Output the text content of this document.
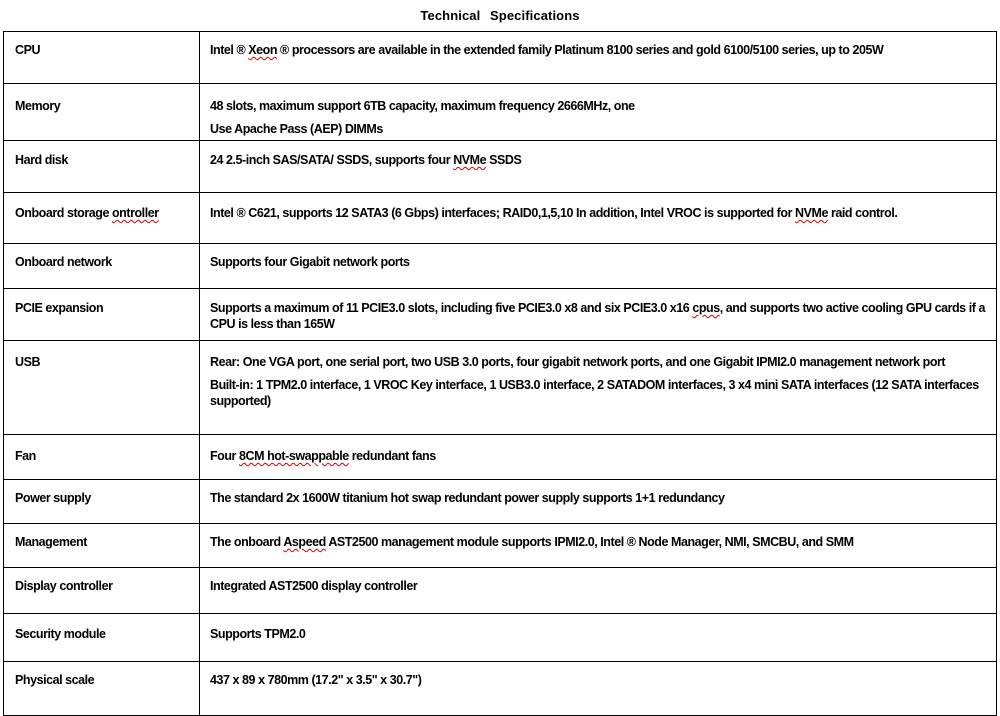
Technical Specifications
CPU	Intel ® Xeon ® processors are available in the extended family Platinum 8100 series and gold 6100/5100 series, up to 205W
Memory	48 slots, maximum support 6TB capacity, maximum frequency 2666MHz, one
Use Apache Pass (AEP) DIMMs

Hard disk	24 2.5-inch SAS/SATA/ SSDS, supports four NVMe SSDS
Onboard storage ontroller	Intel ® C621, supports 12 SATA3 (6 Gbps) interfaces; RAID0,1,5,10 In addition, Intel VROC is supported for NVMe raid control.
Onboard network	Supports four Gigabit network ports
PCIE expansion	Supports a maximum of 11 PCIE3.0 slots, including five PCIE3.0 x8 and six PCIE3.0 x16 cpus, and supports two active cooling GPU cards if a CPU is less than 165W
USB	Rear: One VGA port, one serial port, two USB 3.0 ports, four gigabit network ports, and one Gigabit IPMI2.0 management network port
Built-in: 1 TPM2.0 interface, 1 VROC Key interface, 1 USB3.0 interface, 2 SATADOM interfaces, 3 x4 mini SATA interfaces (12 SATA interfaces supported)

Fan	Four 8CM hot-swappable redundant fans
Power supply	The standard 2x 1600W titanium hot swap redundant power supply supports 1+1 redundancy
Management	The onboard Aspeed AST2500 management module supports IPMI2.0, Intel ® Node Manager, NMI, SMCBU, and SMM
Display controller	Integrated AST2500 display controller
Security module	Supports TPM2.0
Physical scale	437 x 89 x 780mm (17.2" x 3.5" x 30.7")
